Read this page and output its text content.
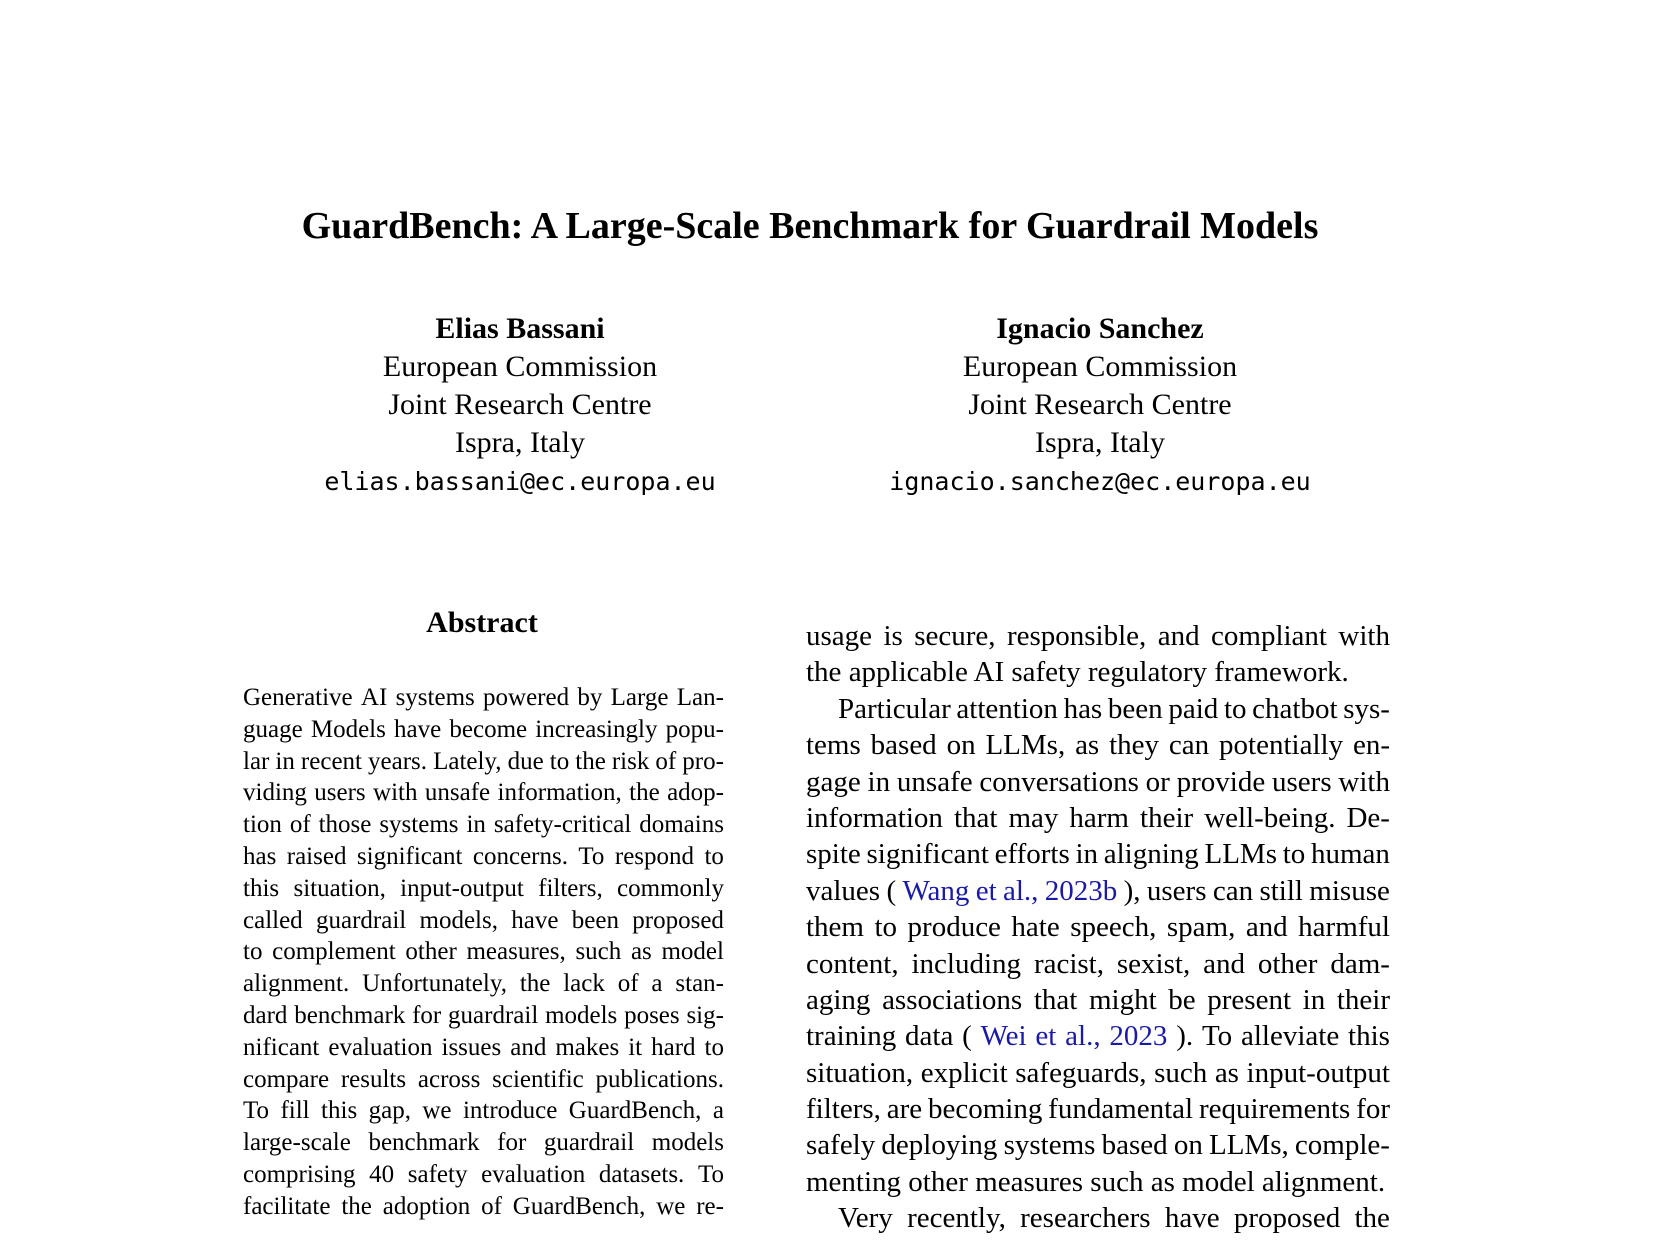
GuardBench: A Large-Scale Benchmark for Guardrail Models
Elias Bassani
European Commission
Joint Research Centre
Ispra, Italy
elias.bassani@ec.europa.eu
Ignacio Sanchez
European Commission
Joint Research Centre
Ispra, Italy
ignacio.sanchez@ec.europa.eu
Abstract
Generative AI systems powered by Large Lan-
guage Models have become increasingly popu-
lar in recent years. Lately, due to the risk of pro-
viding users with unsafe information, the adop-
tion of those systems in safety-critical domains
has raised significant concerns. To respond to
this situation, input-output filters, commonly
called guardrail models, have been proposed
to complement other measures, such as model
alignment. Unfortunately, the lack of a stan-
dard benchmark for guardrail models poses sig-
nificant evaluation issues and makes it hard to
compare results across scientific publications.
To fill this gap, we introduce GuardBench, a
large-scale benchmark for guardrail models
comprising 40 safety evaluation datasets. To
facilitate the adoption of GuardBench, we re-
usage is secure, responsible, and compliant with
the applicable AI safety regulatory framework.
Particular attention has been paid to chatbot sys-
tems based on LLMs, as they can potentially en-
gage in unsafe conversations or provide users with
information that may harm their well-being. De-
spite significant efforts in aligning LLMs to human
values ( Wang et al., 2023b ), users can still misuse
them to produce hate speech, spam, and harmful
content, including racist, sexist, and other dam-
aging associations that might be present in their
training data ( Wei et al., 2023 ). To alleviate this
situation, explicit safeguards, such as input-output
filters, are becoming fundamental requirements for
safely deploying systems based on LLMs, comple-
menting other measures such as model alignment.
Very recently, researchers have proposed the
